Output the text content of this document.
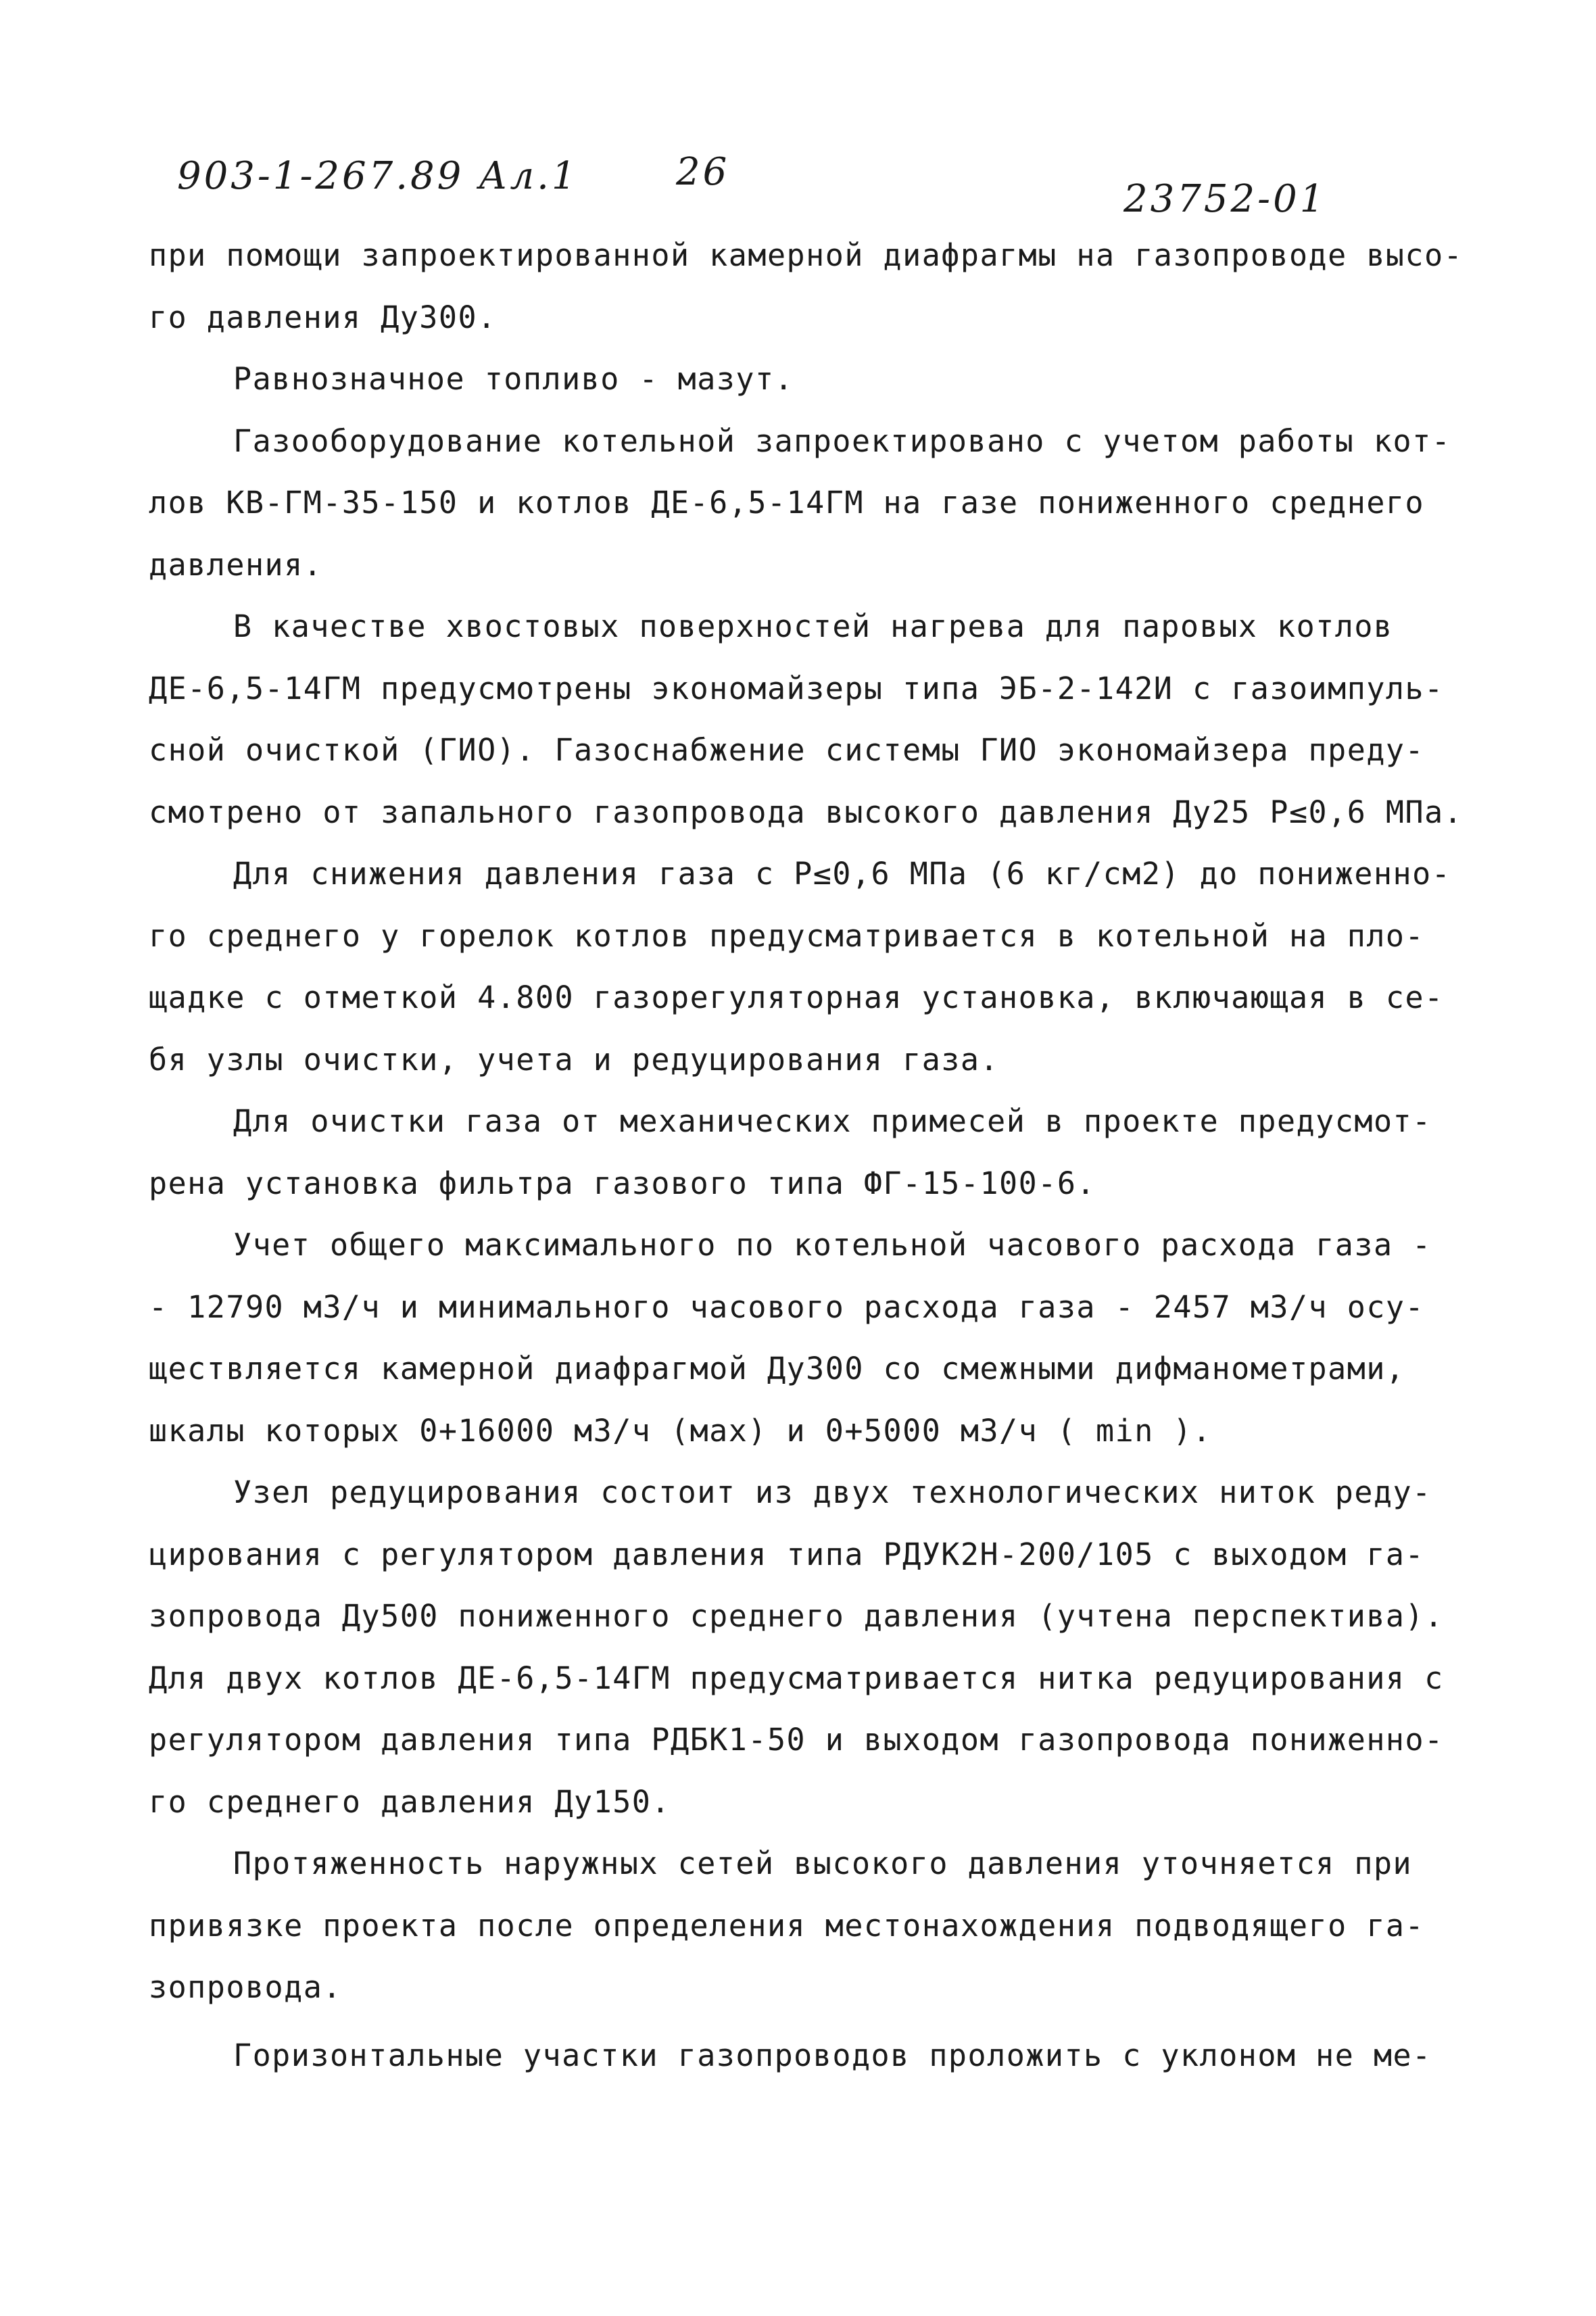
903-1-267.89 Ал.1	26
23752-01
при помощи запроектированной камерной диафрагмы на газопроводе высо-
го давления Ду300.
Равнозначное топливо - мазут.
Газооборудование котельной запроектировано с учетом работы кот-
лов КВ-ГМ-35-150 и котлов ДЕ-6,5-14ГМ на газе пониженного среднего
давления.
В качестве хвостовых поверхностей нагрева для паровых котлов
ДЕ-6,5-14ГМ предусмотрены экономайзеры типа ЭБ-2-142И с газоимпуль-
сной очисткой (ГИО). Газоснабжение системы ГИО экономайзера преду-
смотрено от запального газопровода высокого давления Ду25 Р≤0,6 МПа.
Для снижения давления газа с Р≤0,6 МПа (6 кг/см2) до пониженно-
го среднего у горелок котлов предусматривается в котельной на пло-
щадке с отметкой 4.800 газорегуляторная установка, включающая в се-
бя узлы очистки, учета и редуцирования газа.
Для очистки газа от механических примесей в проекте предусмот-
рена установка фильтра газового типа ФГ-15-100-6.
Учет общего максимального по котельной часового расхода газа -
- 12790 м3/ч и минимального часового расхода газа - 2457 м3/ч осу-
ществляется камерной диафрагмой Ду300 со смежными дифманометрами,
шкалы которых 0+16000 м3/ч (мах) и 0+5000 м3/ч ( min ).
Узел редуцирования состоит из двух технологических ниток реду-
цирования с регулятором давления типа РДУК2Н-200/105 с выходом га-
зопровода Ду500 пониженного среднего давления (учтена перспектива).
Для двух котлов ДЕ-6,5-14ГМ предусматривается нитка редуцирования с
регулятором давления типа РДБК1-50 и выходом газопровода пониженно-
го среднего давления Ду150.
Протяженность наружных сетей высокого давления уточняется при
привязке проекта после определения местонахождения подводящего га-
зопровода.
Горизонтальные участки газопроводов проложить с уклоном не ме-
